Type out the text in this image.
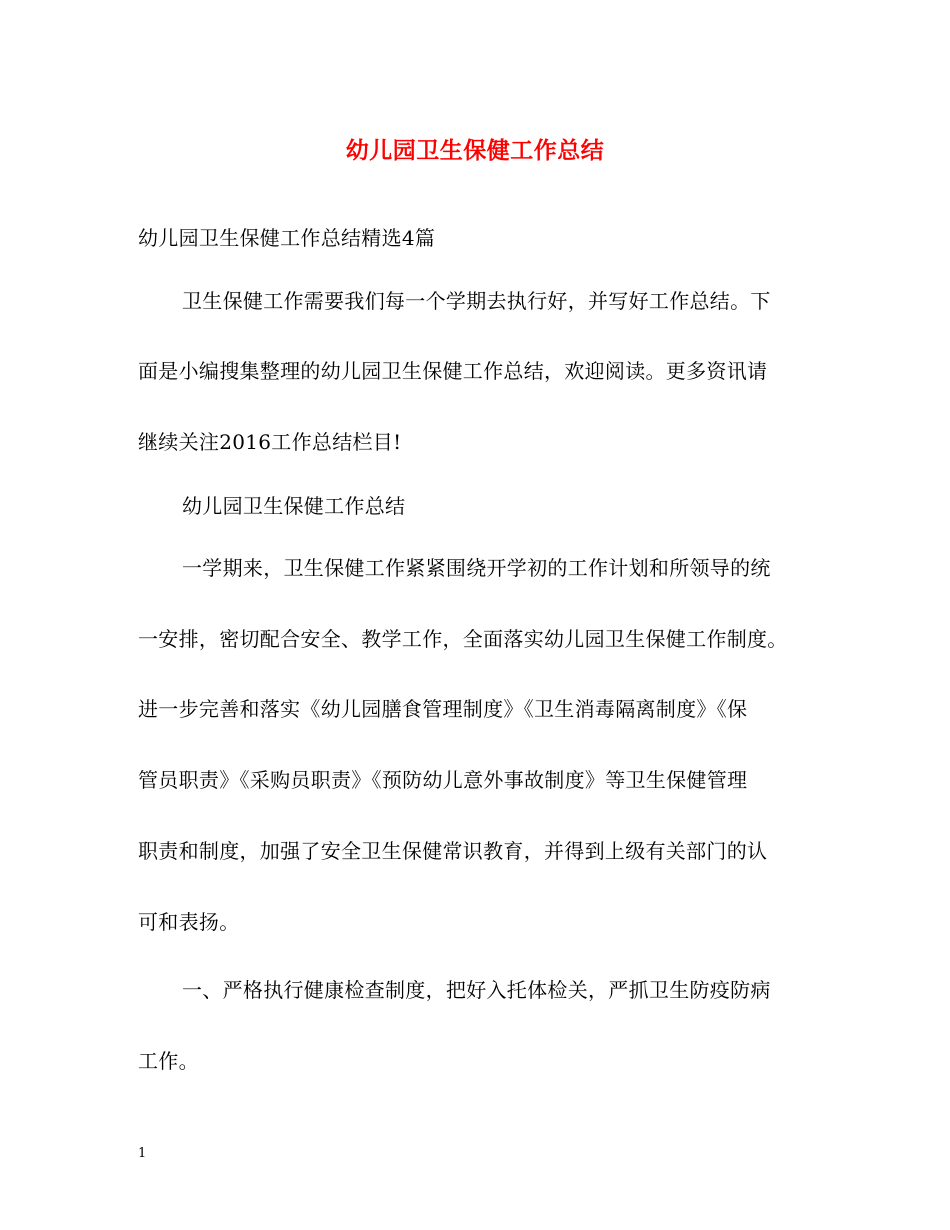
幼儿园卫生保健工作总结
幼儿园卫生保健工作总结精选4篇
卫生保健工作需要我们每一个学期去执行好，并写好工作总结。下
面是小编搜集整理的幼儿园卫生保健工作总结，欢迎阅读。更多资讯请
继续关注2016工作总结栏目!
幼儿园卫生保健工作总结
一学期来，卫生保健工作紧紧围绕开学初的工作计划和所领导的统
一安排，密切配合安全、教学工作，全面落实幼儿园卫生保健工作制度。
进一步完善和落实《幼儿园膳食管理制度》《卫生消毒隔离制度》《保
管员职责》《采购员职责》《预防幼儿意外事故制度》等卫生保健管理
职责和制度，加强了安全卫生保健常识教育，并得到上级有关部门的认
可和表扬。
一、严格执行健康检查制度，把好入托体检关，严抓卫生防疫防病
工作。
1
